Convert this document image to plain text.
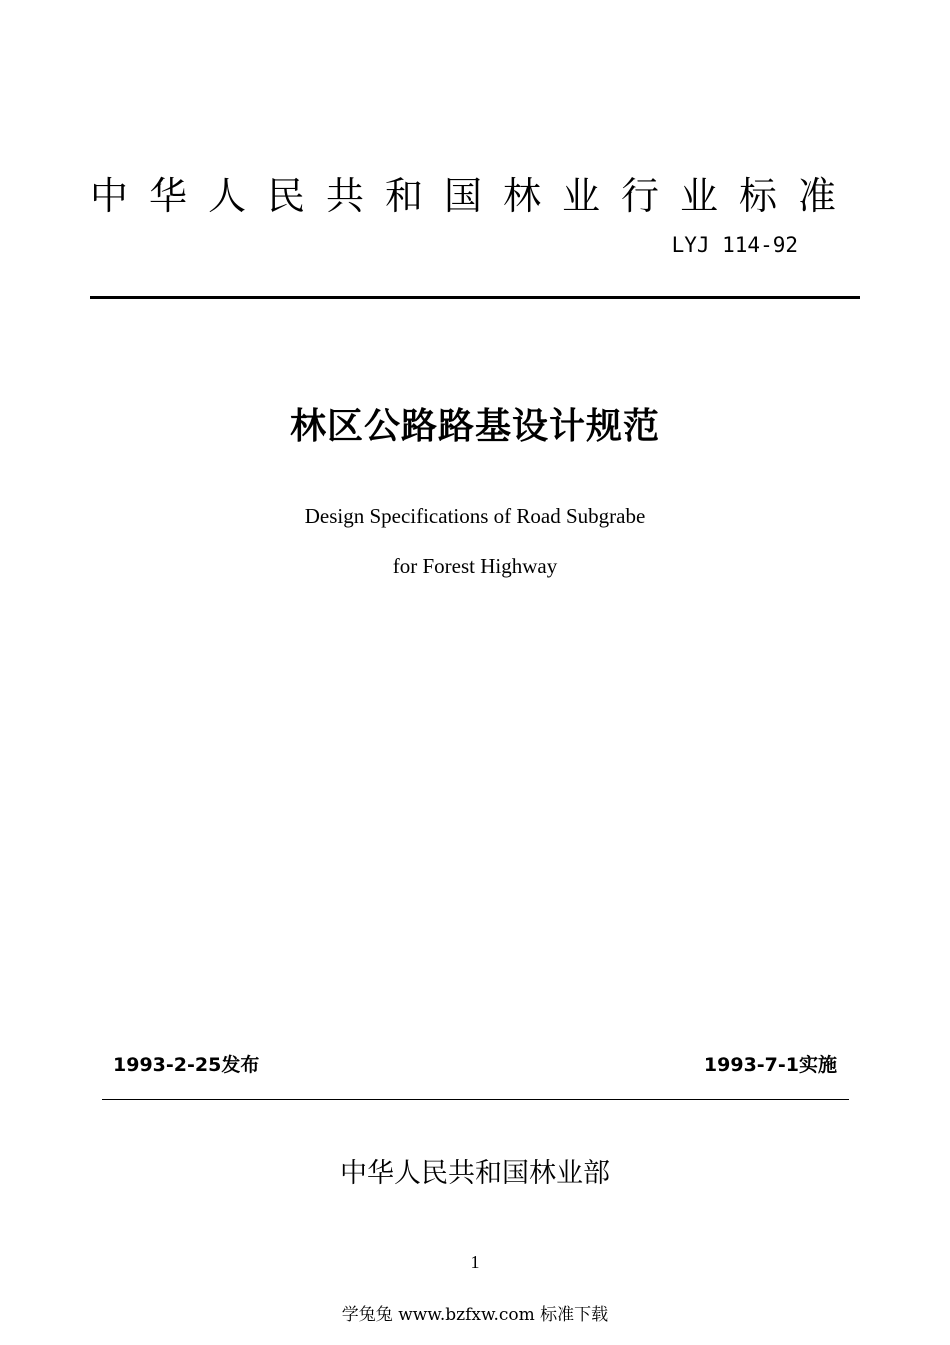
中华人民共和国林业行业标准
LYJ 114-92
林区公路路基设计规范
Design Specifications of Road Subgrabe
for Forest Highway
1993-2-25发布	1993-7-1实施
中华人民共和国林业部
1
学兔兔 www.bzfxw.com 标准下载
